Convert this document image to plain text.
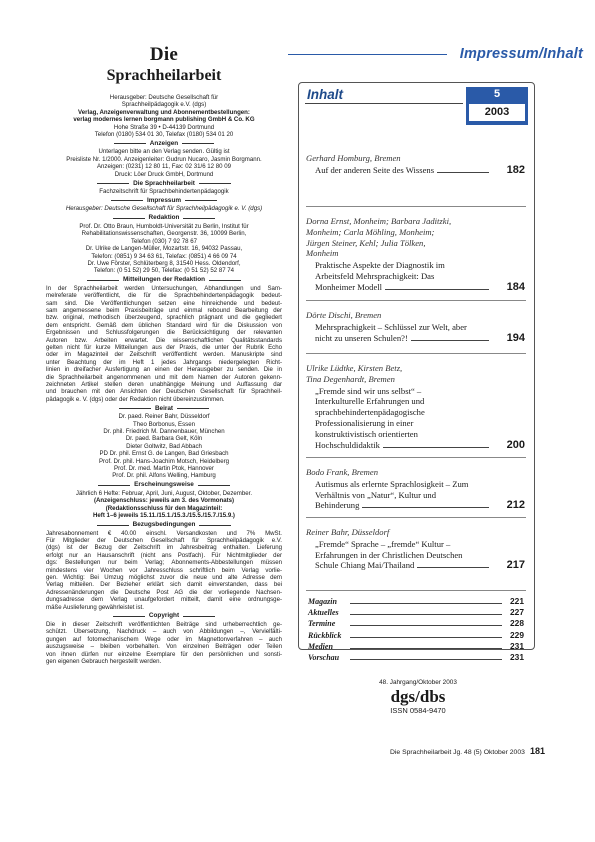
Die
Sprachheilarbeit
Herausgeber: Deutsche Gesellschaft für
Sprachheilpädagogik e.V. (dgs)
Verlag, Anzeigenverwaltung und Abonnementbestellungen:
verlag modernes lernen borgmann publishing GmbH & Co. KG
Hohe Straße 39 • D-44139 Dortmund
Telefon (0180) 534 01 30, Telefax (0180) 534 01 20
Anzeigen
Unterlagen bitte an den Verlag senden. Gültig ist
Preisliste Nr. 1/2000. Anzeigenleiter: Gudrun Nucaro, Jasmin Borgmann.
Anzeigen: (0231) 12 80 11, Fax: 02 31/6 12 80 09
Druck: Löer Druck GmbH, Dortmund
Die Sprachheilarbeit
Fachzeitschrift für Sprachbehindertenpädagogik
Impressum
Herausgeber: Deutsche Gesellschaft für Sprachheilpädagogik e. V. (dgs)
Redaktion
Prof. Dr. Otto Braun, Humboldt-Universität zu Berlin, Institut für
Rehabilitationswissenschaften, Georgenstr. 36, 10099 Berlin,
Telefon (030) 7 92 78 67
Dr. Ulrike de Langen-Müller, Mozartstr. 16, 94032 Passau,
Telefon: (0851) 9 34 63 61, Telefax: (0851) 4 66 09 74
Dr. Uwe Förster, Schlüterberg 8, 31540 Hess. Oldendorf,
Telefon: (0 51 52) 29 50, Telefax: (0 51 52) 52 87 74
Mitteilungen der Redaktion
In der Sprachheilarbeit werden Untersuchungen, Abhandlungen und Sam-
melreferate veröffentlicht, die für die Sprachbehindertenpädagogik bedeut-
sam sind. Die Veröffentlichungen setzen eine hinreichende und bedeut-
sam angemessene beim Praxisbeiträge und einmal rebound Bearbeitung der
bzw. original, methodisch überzeugend, sprachlich prägnant und die gegliedert
dem entspricht. Gemäß dem üblichen Standard wird für die Diskussion von
Ergebnissen und Schlussfolgerungen die Berücksichtigung der relevanten
Autoren bzw. Arbeiten erwartet. Die wissenschaftlichen Qualitätsstandards
gelten nicht für kurze Mitteilungen aus der Praxis, die unter der Rubrik Echo
oder im Magazinteil der Zeitschrift veröffentlicht werden. Manuskripte sind
unter Beachtung der im Heft 1 jedes Jahrgangs niedergelegten Richt-
linien in dreifacher Ausfertigung an einen der Herausgeber zu senden. Die in
die Sprachheilarbeit angenommenen und mit dem Namen der Autoren gekenn-
zeichneten Artikel stellen deren unabhängige Meinung und Auffassung dar
und brauchen mit den Ansichten der Deutschen Gesellschaft für Sprachheil-
pädagogik e. V. (dgs) oder der Redaktion nicht übereinzustimmen.
Beirat
Dr. paed. Reiner Bahr, Düsseldorf
Theo Borbonus, Essen
Dr. phil. Friedrich M. Dannenbauer, München
Dr. paed. Barbara Gelt, Köln
Dieter Goltwitz, Bad Abbach
PD Dr. phil. Ernst G. de Langen, Bad Griesbach
Prof. Dr. phil. Hans-Joachim Motsch, Heidelberg
Prof. Dr. med. Martin Ptok, Hannover
Prof. Dr. phil. Alfons Welling, Hamburg
Erscheinungsweise
Jährlich 6 Hefte: Februar, April, Juni, August, Oktober, Dezember.
(Anzeigenschluss: jeweils am 3. des Vormonats)
(Redaktionsschluss für den Magazinteil:
Heft 1–6 jeweils 15.11./15.1./15.3./15.5./15.7./15.9.)
Bezugsbedingungen
Jahresabonnement € 40.00 einschl. Versandkosten und 7% MwSt.
Für Mitglieder der Deutschen Gesellschaft für Sprachheilpädagogik e.V.
(dgs) ist der Bezug der Zeitschrift im Jahresbeitrag enthalten. Lieferung
erfolgt nur an Hausanschrift (nicht ans Postfach). Für Nichtmitglieder der
dgs: Bestellungen nur beim Verlag; Abonnements-Abbestellungen müssen
mindestens vier Wochen vor Jahresschluss schriftlich beim Verlag vorlie-
gen. Wichtig: Bei Umzug möglichst zuvor die neue und alte Adresse dem
Verlag mitteilen. Der Bezieher erklärt sich damit einverstanden, dass bei
Adressenänderungen die Deutsche Post AG die der vorliegende Nachsen-
dungsadresse dem Verlag unaufgefordert mitteilt, damit eine ordnungsge-
mäße Auslieferung gewährleistet ist.
Copyright
Die in dieser Zeitschrift veröffentlichten Beiträge sind urheberrechtlich ge-
schützt. Übersetzung, Nachdruck – auch von Abbildungen –, Vervielfälti-
gungen auf fotomechanischem Wege oder im Magnettonverfahren – auch
auszugsweise – bleiben vorbehalten. Von einzelnen Beiträgen oder Teilen
von ihnen dürfen nur einzelne Exemplare für den persönlichen und sonsti-
gen eigenen Gebrauch hergestellt werden.
Impressum/Inhalt
Inhalt	5
2003
Gerhard Homburg, Bremen
Auf der anderen Seite des Wissens	182
Dorna Ernst, Monheim; Barbara Jaditzki,
Monheim; Carla Möhling, Monheim;
Jürgen Steiner, Kehl; Julia Tölken,
Monheim
Praktische Aspekte der Diagnostik im
Arbeitsfeld Mehrsprachigkeit: Das
Monheimer Modell	184
Dörte Dischi, Bremen
Mehrsprachigkeit – Schlüssel zur Welt, aber
nicht zu unseren Schulen?!	194
Ulrike Lüdtke, Kirsten Betz,
Tina Degenhardt, Bremen
„Fremde sind wir uns selbst“ –
Interkulturelle Erfahrungen und
sprachbehindertenpädagogische
Professionalisierung in einer
konstruktivistisch orientierten
Hochschuldidaktik	200
Bodo Frank, Bremen
Autismus als erlernte Sprachlosigkeit – Zum
Verhältnis von „Natur“, Kultur und
Behinderung	212
Reiner Bahr, Düsseldorf
„Fremde“ Sprache – „fremde“ Kultur –
Erfahrungen in der Christlichen Deutschen
Schule Chiang Mai/Thailand	217
Magazin	221
Aktuelles	227
Termine	228
Rückblick	229
Medien	231
Vorschau	231
48. Jahrgang/Oktober 2003
dgs/dbs
ISSN 0584-9470
Die Sprachheilarbeit Jg. 48 (5) Oktober 2003 181
